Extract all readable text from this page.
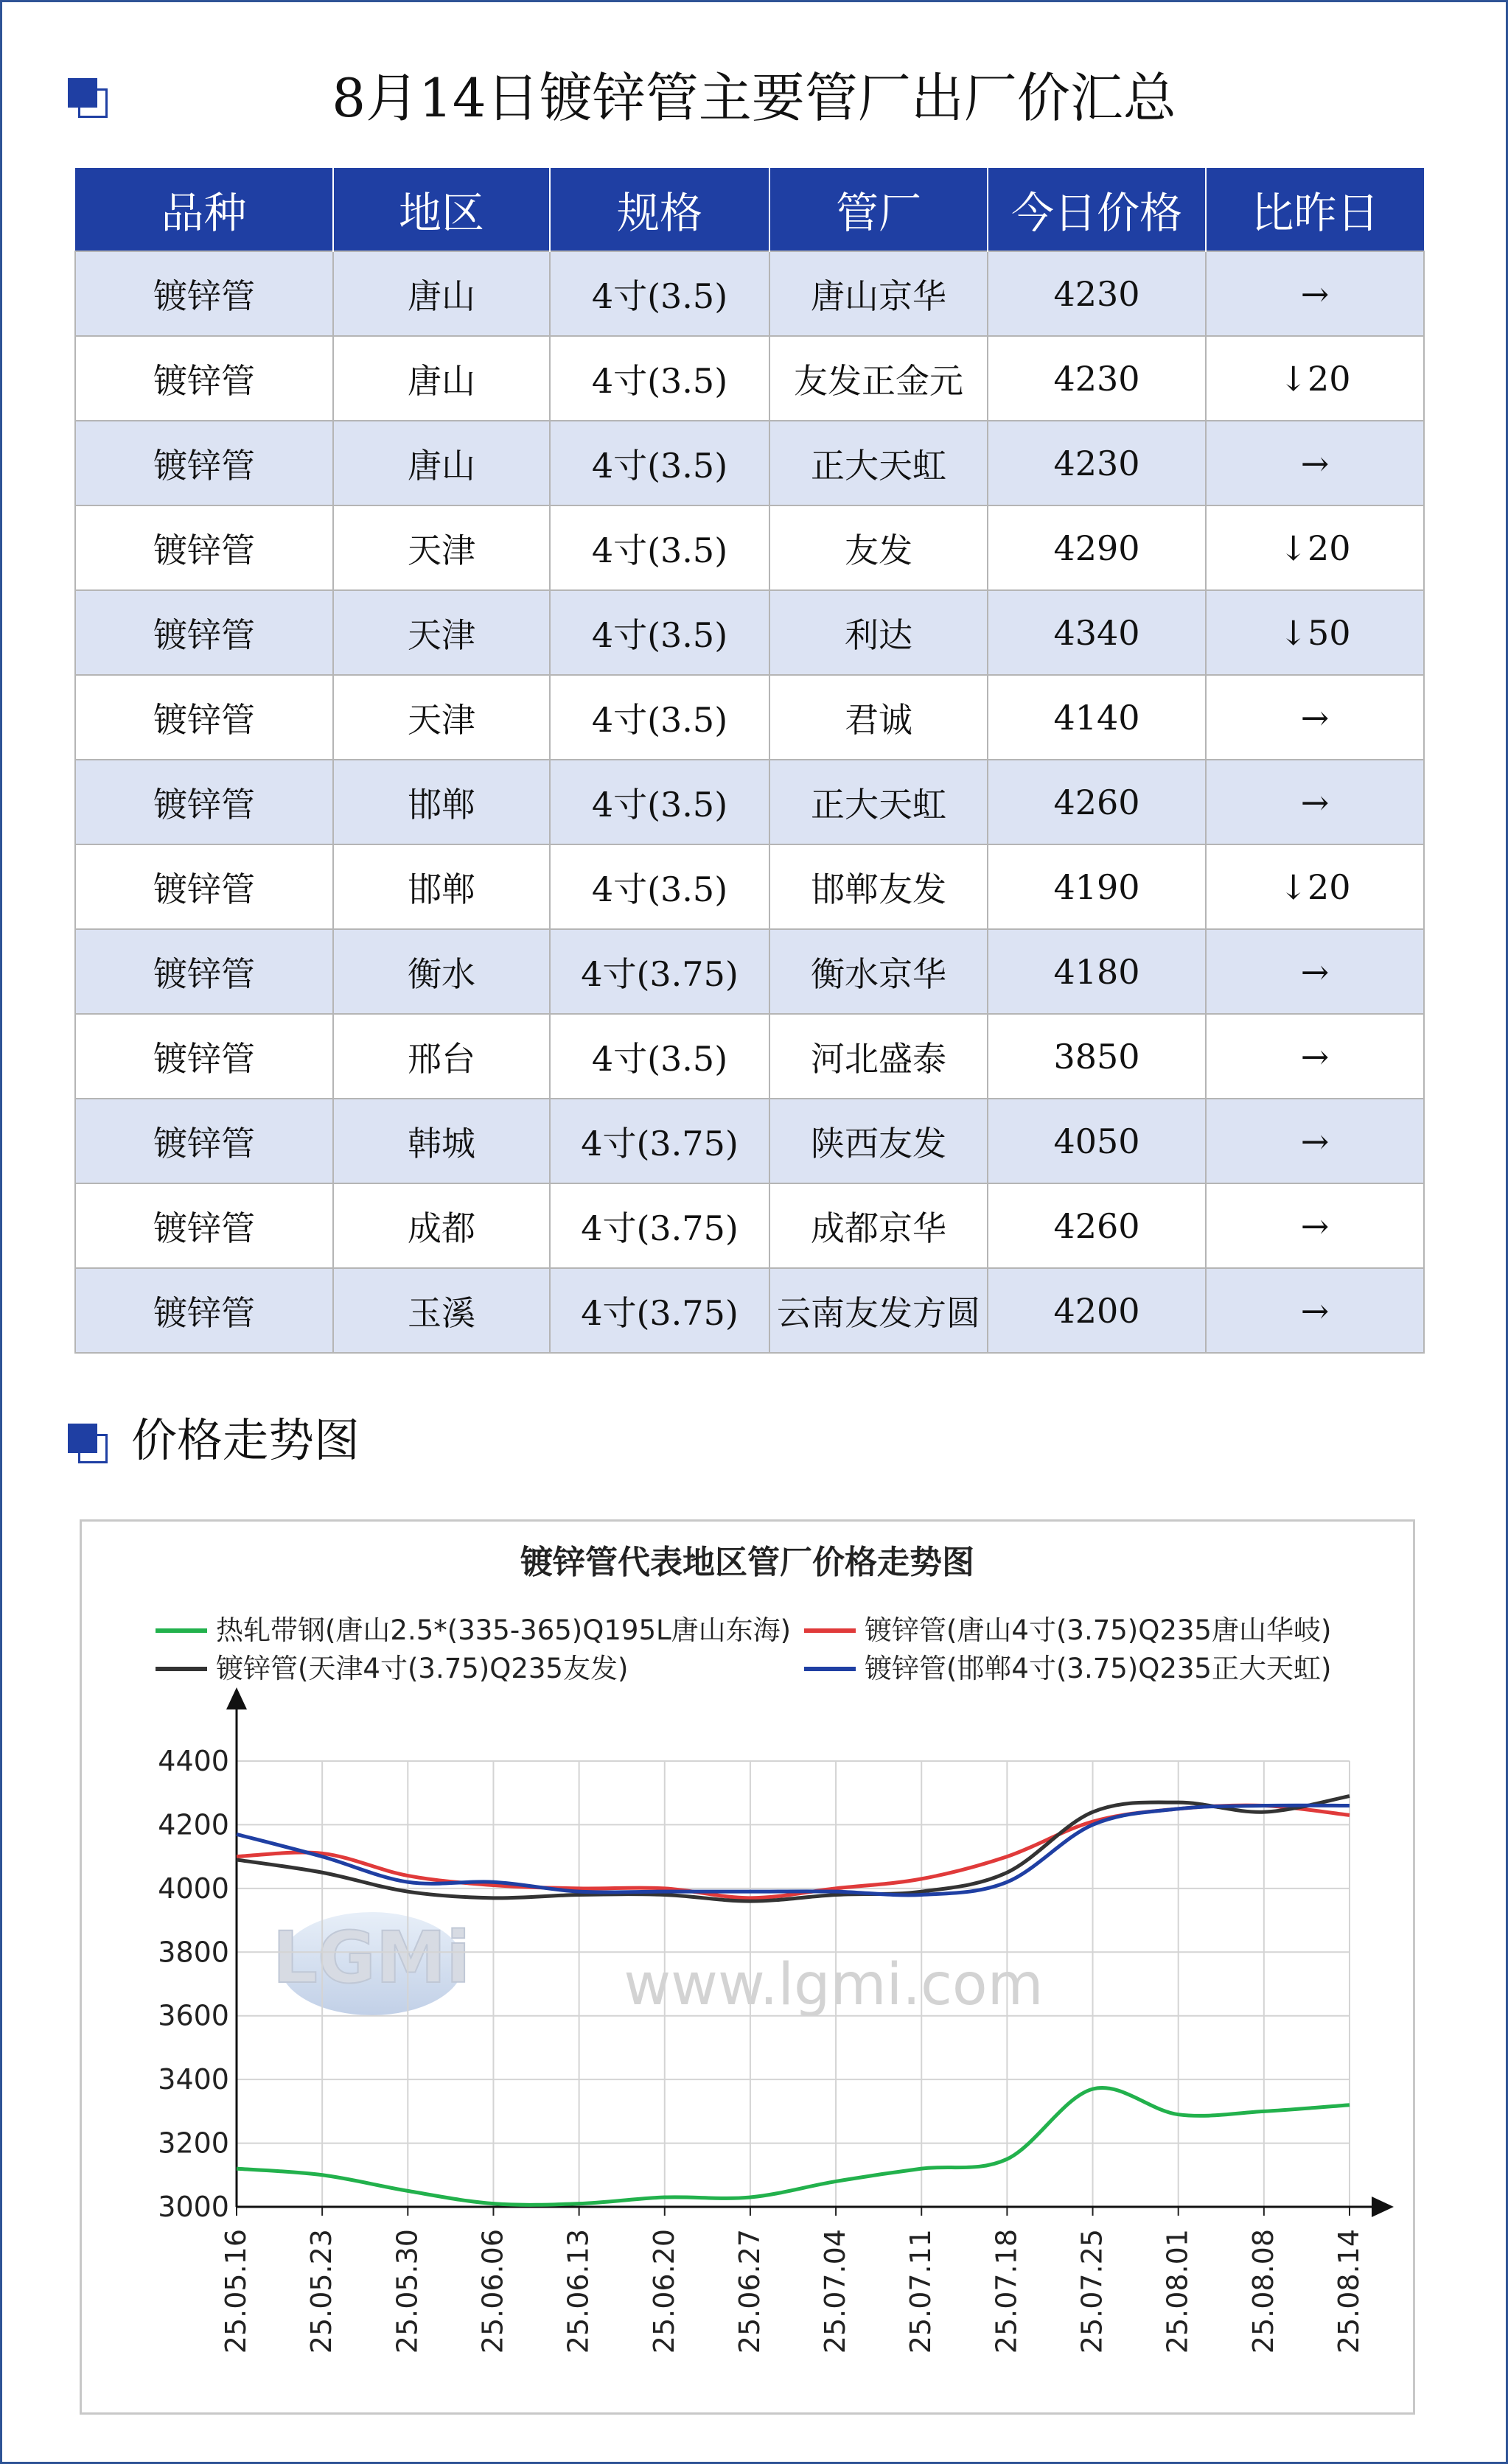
8月14日镀锌管主要管厂出厂价汇总
品种	地区	规格	管厂	今日价格	比昨日
镀锌管	唐山	4寸(3.5)	唐山京华	4230	→
镀锌管	唐山	4寸(3.5)	友发正金元	4230	↓20
镀锌管	唐山	4寸(3.5)	正大天虹	4230	→
镀锌管	天津	4寸(3.5)	友发	4290	↓20
镀锌管	天津	4寸(3.5)	利达	4340	↓50
镀锌管	天津	4寸(3.5)	君诚	4140	→
镀锌管	邯郸	4寸(3.5)	正大天虹	4260	→
镀锌管	邯郸	4寸(3.5)	邯郸友发	4190	↓20
镀锌管	衡水	4寸(3.75)	衡水京华	4180	→
镀锌管	邢台	4寸(3.5)	河北盛泰	3850	→
镀锌管	韩城	4寸(3.75)	陕西友发	4050	→
镀锌管	成都	4寸(3.75)	成都京华	4260	→
镀锌管	玉溪	4寸(3.75)	云南友发方圆	4200	→
价格走势图
LGMi	www.lgmi.com
镀锌管代表地区管厂价格走势图
热轧带钢(唐山2.5*(335-365)Q195L唐山东海)	镀锌管(唐山4寸(3.75)Q235唐山华岐)
镀锌管(天津4寸(3.75)Q235友发)	镀锌管(邯郸4寸(3.75)Q235正大天虹)
3000
3200
3400
3600
3800
4000
4200
4400
25.05.16 25.05.23 25.05.30 25.06.06 25.06.13 25.06.20 25.06.27 25.07.04 25.07.11 25.07.18 25.07.25 25.08.01 25.08.08 25.08.14
